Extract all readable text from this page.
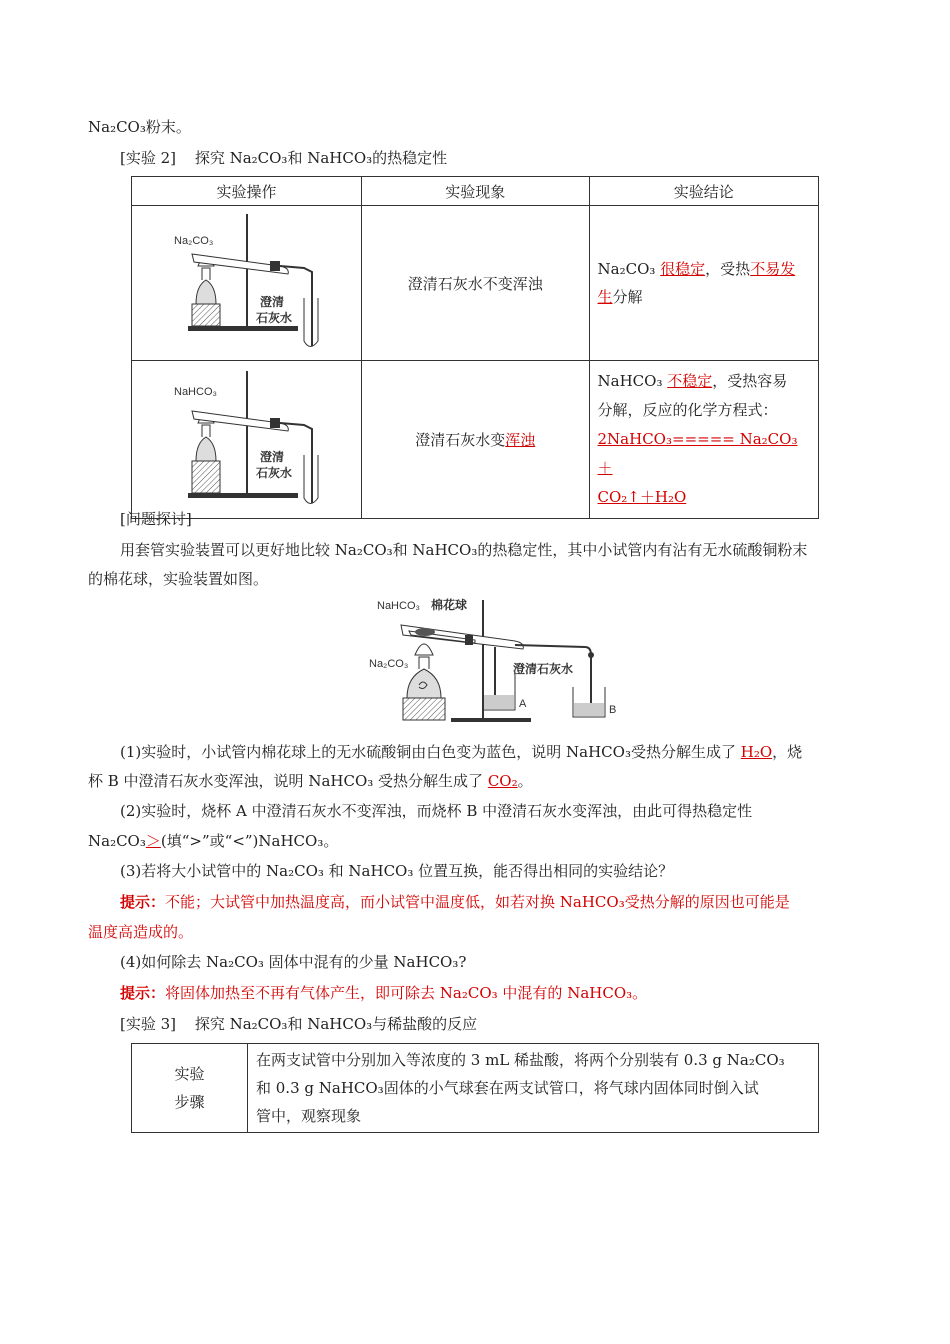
Na₂CO₃粉末。
[实验 2] 探究 Na₂CO₃和 NaHCO₃的热稳定性
实验操作	实验现象	实验结论

Na₂CO₃
澄清
石灰水	澄清石灰水不变浑浊	Na₂CO₃ 很稳定，受热不易发
生分解

NaHCO₃
澄清
石灰水	澄清石灰水变浑浊	NaHCO₃ 不稳定，受热容易
分解，反应的化学方程式：
2NaHCO₃===== Na₂CO₃ ＋
CO₂↑＋H₂O
[问题探讨]
用套管实验装置可以更好地比较 Na₂CO₃和 NaHCO₃的热稳定性，其中小试管内有沾有无水硫酸铜粉末
的棉花球，实验装置如图。
NaHCO₃ 棉花球
Na₂CO₃	澄清石灰水
A	B
(1)实验时，小试管内棉花球上的无水硫酸铜由白色变为蓝色，说明 NaHCO₃受热分解生成了 H₂O，烧
杯 B 中澄清石灰水变浑浊，说明 NaHCO₃ 受热分解生成了 CO₂。
(2)实验时，烧杯 A 中澄清石灰水不变浑浊，而烧杯 B 中澄清石灰水变浑浊，由此可得热稳定性
Na₂CO₃＞(填“>”或“<”)NaHCO₃。
(3)若将大小试管中的 Na₂CO₃ 和 NaHCO₃ 位置互换，能否得出相同的实验结论？
提示：不能；大试管中加热温度高，而小试管中温度低，如若对换 NaHCO₃受热分解的原因也可能是
温度高造成的。
(4)如何除去 Na₂CO₃ 固体中混有的少量 NaHCO₃?
提示：将固体加热至不再有气体产生，即可除去 Na₂CO₃ 中混有的 NaHCO₃。
[实验 3] 探究 Na₂CO₃和 NaHCO₃与稀盐酸的反应
实验
步骤	在两支试管中分别加入等浓度的 3 mL 稀盐酸，将两个分别装有 0.3 g Na₂CO₃
和 0.3 g NaHCO₃固体的小气球套在两支试管口，将气球内固体同时倒入试
管中，观察现象
